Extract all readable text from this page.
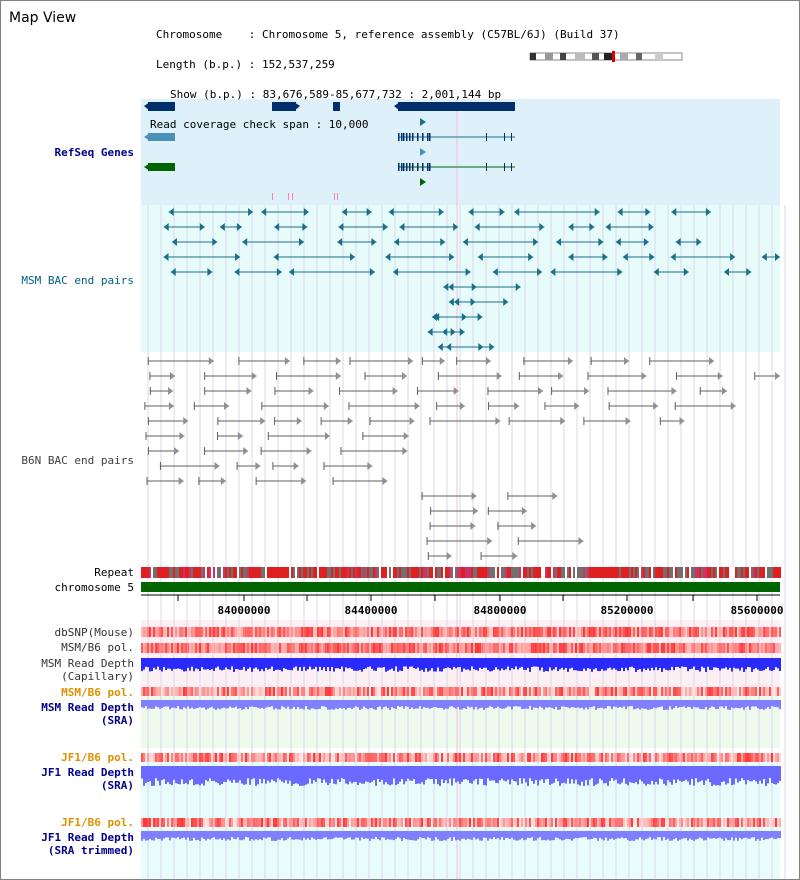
84000000	84400000	84800000	85200000	85600000
Map View

Chromosome    : Chromosome 5, reference assembly (C57BL/6J) (Build 37)

Length (b.p.) : 152,537,259

Show (b.p.) : 83,676,589-85,677,732 : 2,001,144 bp

Read coverage check span : 10,000

RefSeq Genes
MSM BAC end pairs
B6N BAC end pairs
Repeat
chromosome 5
dbSNP(Mouse)
MSM/B6 pol.
MSM Read Depth
(Capillary)
MSM/B6 pol.
MSM Read Depth
(SRA)
JF1/B6 pol.
JF1 Read Depth
(SRA)
JF1/B6 pol.
JF1 Read Depth
(SRA trimmed)
